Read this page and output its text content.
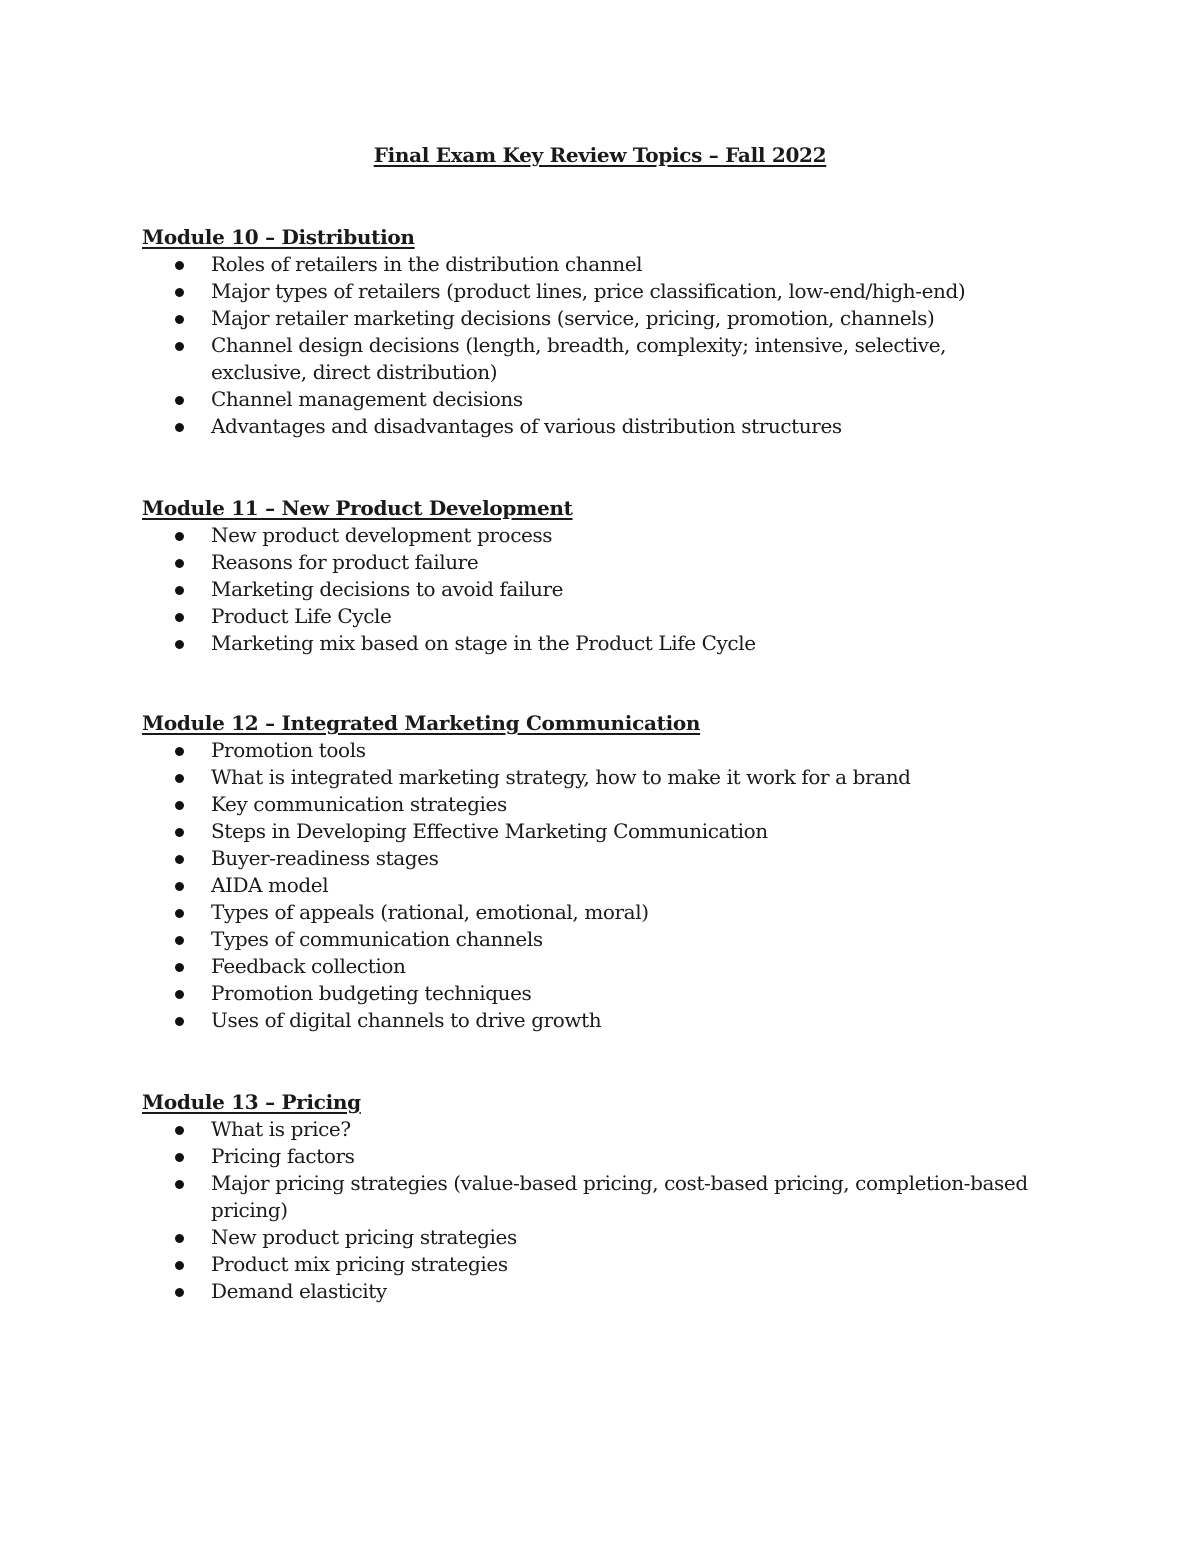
Final Exam Key Review Topics – Fall 2022
Module 10 – Distribution
Roles of retailers in the distribution channel
Major types of retailers (product lines, price classification, low-end/high-end)
Major retailer marketing decisions (service, pricing, promotion, channels)
Channel design decisions (length, breadth, complexity; intensive, selective, exclusive, direct distribution)
Channel management decisions
Advantages and disadvantages of various distribution structures
Module 11 – New Product Development
New product development process
Reasons for product failure
Marketing decisions to avoid failure
Product Life Cycle
Marketing mix based on stage in the Product Life Cycle
Module 12 – Integrated Marketing Communication
Promotion tools
What is integrated marketing strategy, how to make it work for a brand
Key communication strategies
Steps in Developing Effective Marketing Communication
Buyer-readiness stages
AIDA model
Types of appeals (rational, emotional, moral)
Types of communication channels
Feedback collection
Promotion budgeting techniques
Uses of digital channels to drive growth
Module 13 – Pricing
What is price?
Pricing factors
Major pricing strategies (value-based pricing, cost-based pricing, completion-based pricing)
New product pricing strategies
Product mix pricing strategies
Demand elasticity
